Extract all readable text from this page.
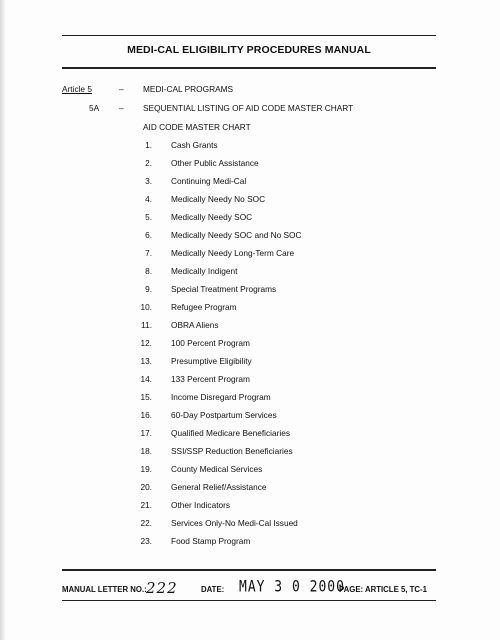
MEDI-CAL ELIGIBILITY PROCEDURES MANUAL
Article 5	– MEDI-CAL PROGRAMS
5A – SEQUENTIAL LISTING OF AID CODE MASTER CHART
AID CODE MASTER CHART
1. Cash Grants
2. Other Public Assistance
3. Continuing Medi-Cal
4. Medically Needy No SOC
5. Medically Needy SOC
6. Medically Needy SOC and No SOC
7. Medically Needy Long-Term Care
8. Medically Indigent
9. Special Treatment Programs
10. Refugee Program
11. OBRA Aliens
12. 100 Percent Program
13. Presumptive Eligibility
14. 133 Percent Program
15. Income Disregard Program
16. 60-Day Postpartum Services
17. Qualified Medicare Beneficiaries
18. SSI/SSP Reduction Beneficiaries
19. County Medical Services
20. General Relief/Assistance
21. Other Indicators
22. Services Only-No Medi-Cal Issued
23. Food Stamp Program
MANUAL LETTER NO.: 222	DATE: MAY 3 0 2000
PAGE: ARTICLE 5, TC-1
